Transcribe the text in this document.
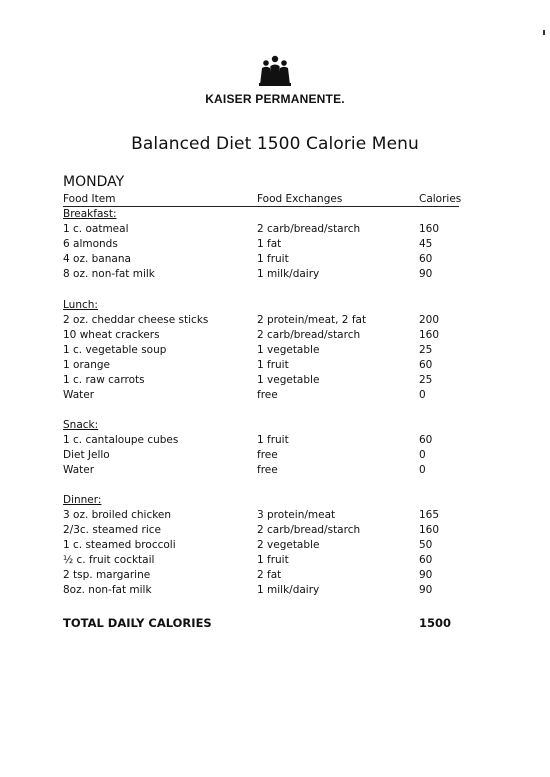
KAISER PERMANENTE.
Balanced Diet 1500 Calorie Menu
MONDAY
Food Item	Food Exchanges	Calories
Breakfast:
1 c. oatmeal	2 carb/bread/starch	160
6 almonds	1 fat	45
4 oz. banana	1 fruit	60
8 oz. non-fat milk	1 milk/dairy	90
Lunch:
2 oz. cheddar cheese sticks	2 protein/meat, 2 fat	200
10 wheat crackers	2 carb/bread/starch	160
1 c. vegetable soup	1 vegetable	25
1 orange	1 fruit	60
1 c. raw carrots	1 vegetable	25
Water	free	0
Snack:
1 c. cantaloupe cubes	1 fruit	60
Diet Jello	free	0
Water	free	0
Dinner:
3 oz. broiled chicken	3 protein/meat	165
2/3c. steamed rice	2 carb/bread/starch	160
1 c. steamed broccoli	2 vegetable	50
½ c. fruit cocktail	1 fruit	60
2 tsp. margarine	2 fat	90
8oz. non-fat milk	1 milk/dairy	90
TOTAL DAILY CALORIES	1500
